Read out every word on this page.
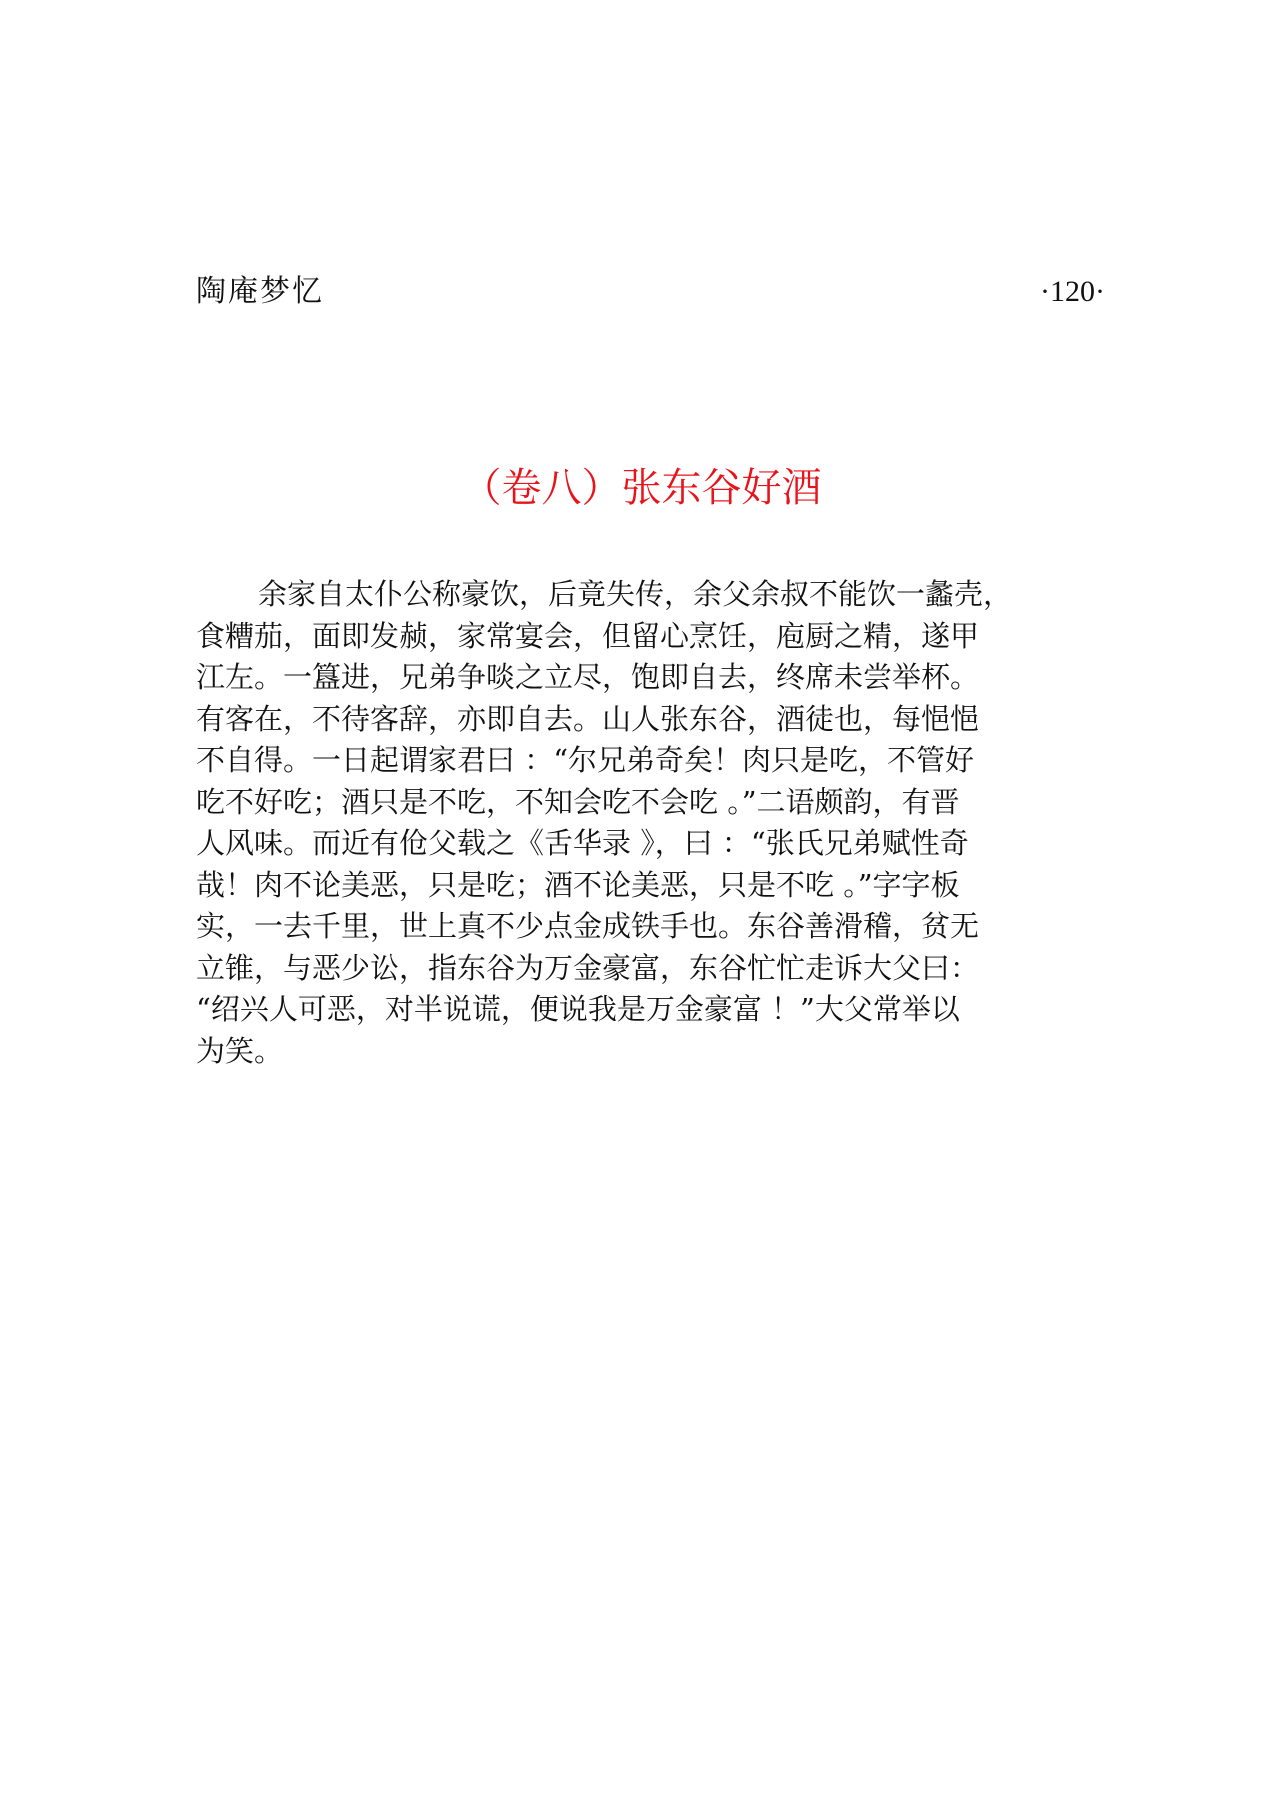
陶庵梦忆	·120·
（卷八）张东谷好酒
余家自太仆公称豪饮，后竟失传，余父余叔不能饮一蠡壳，
食糟茄，面即发赪，家常宴会，但留心烹饪，庖厨之精，遂甲
江左。一簋进，兄弟争啖之立尽，饱即自去，终席未尝举杯。
有客在，不待客辞，亦即自去。山人张东谷，酒徒也，每悒悒
不自得。一日起谓家君曰 ：“尔兄弟奇矣！肉只是吃，不管好
吃不好吃；酒只是不吃，不知会吃不会吃 。”二语颇韵，有晋
人风味。而近有伧父载之《舌华录 》，曰 ：“张氏兄弟赋性奇
哉！肉不论美恶，只是吃；酒不论美恶，只是不吃 。”字字板
实，一去千里，世上真不少点金成铁手也。东谷善滑稽，贫无
立锥，与恶少讼，指东谷为万金豪富，东谷忙忙走诉大父曰：
“绍兴人可恶，对半说谎，便说我是万金豪富 ！”大父常举以
为笑。
